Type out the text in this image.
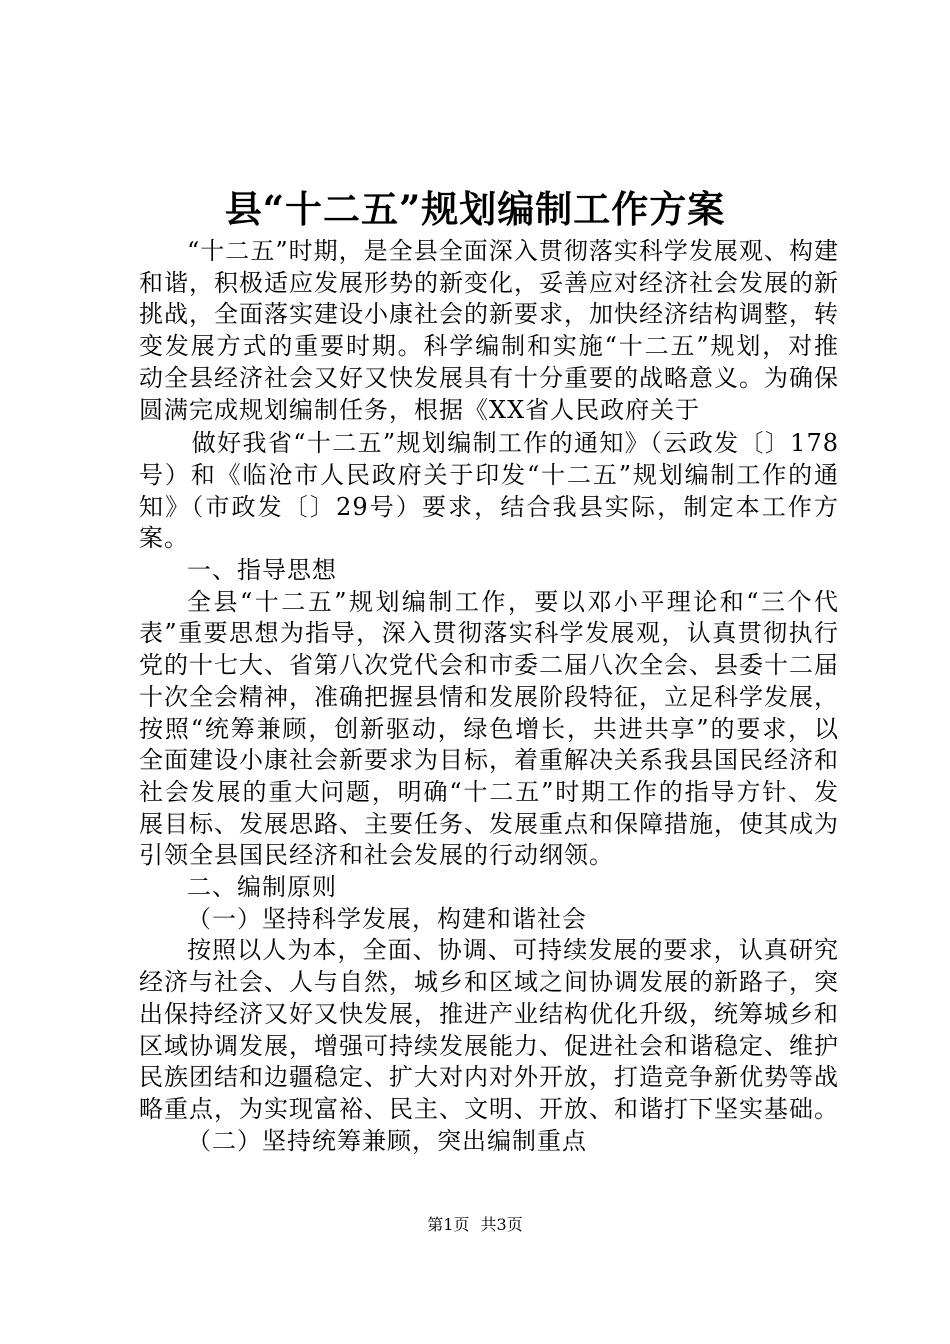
县“十二五”规划编制工作方案

“十二五”时期，是全县全面深入贯彻落实科学发展观、构建和谐，积极适应发展形势的新变化，妥善应对经济社会发展的新挑战，全面落实建设小康社会的新要求，加快经济结构调整，转变发展方式的重要时期。科学编制和实施“十二五”规划，对推动全县经济社会又好又快发展具有十分重要的战略意义。为确保圆满完成规划编制任务，根据《XX省人民政府关于

做好我省“十二五”规划编制工作的通知》（云政发〔〕178号）和《临沧市人民政府关于印发“十二五”规划编制工作的通知》（市政发〔〕29号）要求，结合我县实际，制定本工作方案。

一、指导思想

全县“十二五”规划编制工作，要以邓小平理论和“三个代表”重要思想为指导，深入贯彻落实科学发展观，认真贯彻执行党的十七大、省第八次党代会和市委二届八次全会、县委十二届十次全会精神，准确把握县情和发展阶段特征，立足科学发展，按照“统筹兼顾，创新驱动，绿色增长，共进共享”的要求，以全面建设小康社会新要求为目标，着重解决关系我县国民经济和社会发展的重大问题，明确“十二五”时期工作的指导方针、发展目标、发展思路、主要任务、发展重点和保障措施，使其成为引领全县国民经济和社会发展的行动纲领。

二、编制原则

（一）坚持科学发展，构建和谐社会

按照以人为本，全面、协调、可持续发展的要求，认真研究经济与社会、人与自然，城乡和区域之间协调发展的新路子，突出保持经济又好又快发展，推进产业结构优化升级，统筹城乡和区域协调发展，增强可持续发展能力、促进社会和谐稳定、维护民族团结和边疆稳定、扩大对内对外开放，打造竞争新优势等战略重点，为实现富裕、民主、文明、开放、和谐打下坚实基础。

（二）坚持统筹兼顾，突出编制重点

第1页 共3页
